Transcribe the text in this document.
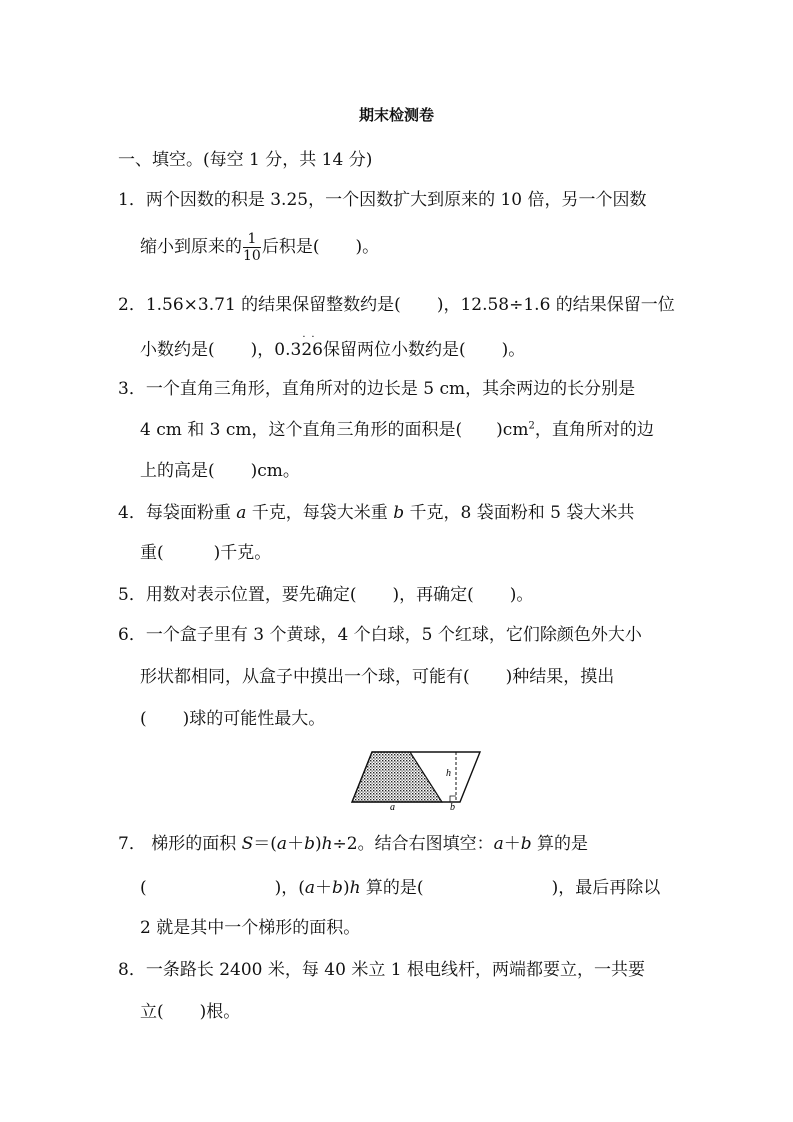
期末检测卷
一、填空。(每空 1 分，共 14 分)
1．两个因数的积是 3.25，一个因数扩大到原来的 10 倍，另一个因数
缩小到原来的 $\frac{1}{10}$ 后积是( )。
2．1.56×3.71 的结果保留整数约是( )，12.58÷1.6 的结果保留一位
小数约是( )，0.3
· ·
26保留两位小数约是( )。
3．一个直角三角形，直角所对的边长是 5 cm，其余两边的长分别是
4 cm 和 3 cm，这个直角三角形的面积是( )$cm^2$，直角所对的边
上的高是( )cm。
4．每袋面粉重 a 千克，每袋大米重 b 千克，8 袋面粉和 5 袋大米共
重(	)千克。
5．用数对表示位置，要先确定( )，再确定( )。
6．一个盒子里有 3 个黄球，4 个白球，5 个红球，它们除颜色外大小
形状都相同，从盒子中摸出一个球，可能有( )种结果，摸出
( )球的可能性最大。
h
a	b
7． 梯形的面积 S＝(a＋b)h÷2。结合右图填空：a＋b 算的是
(	)，(a＋b)h 算的是(	)，最后再除以
2 就是其中一个梯形的面积。
8．一条路长 2400 米，每 40 米立 1 根电线杆，两端都要立，一共要
立( )根。
